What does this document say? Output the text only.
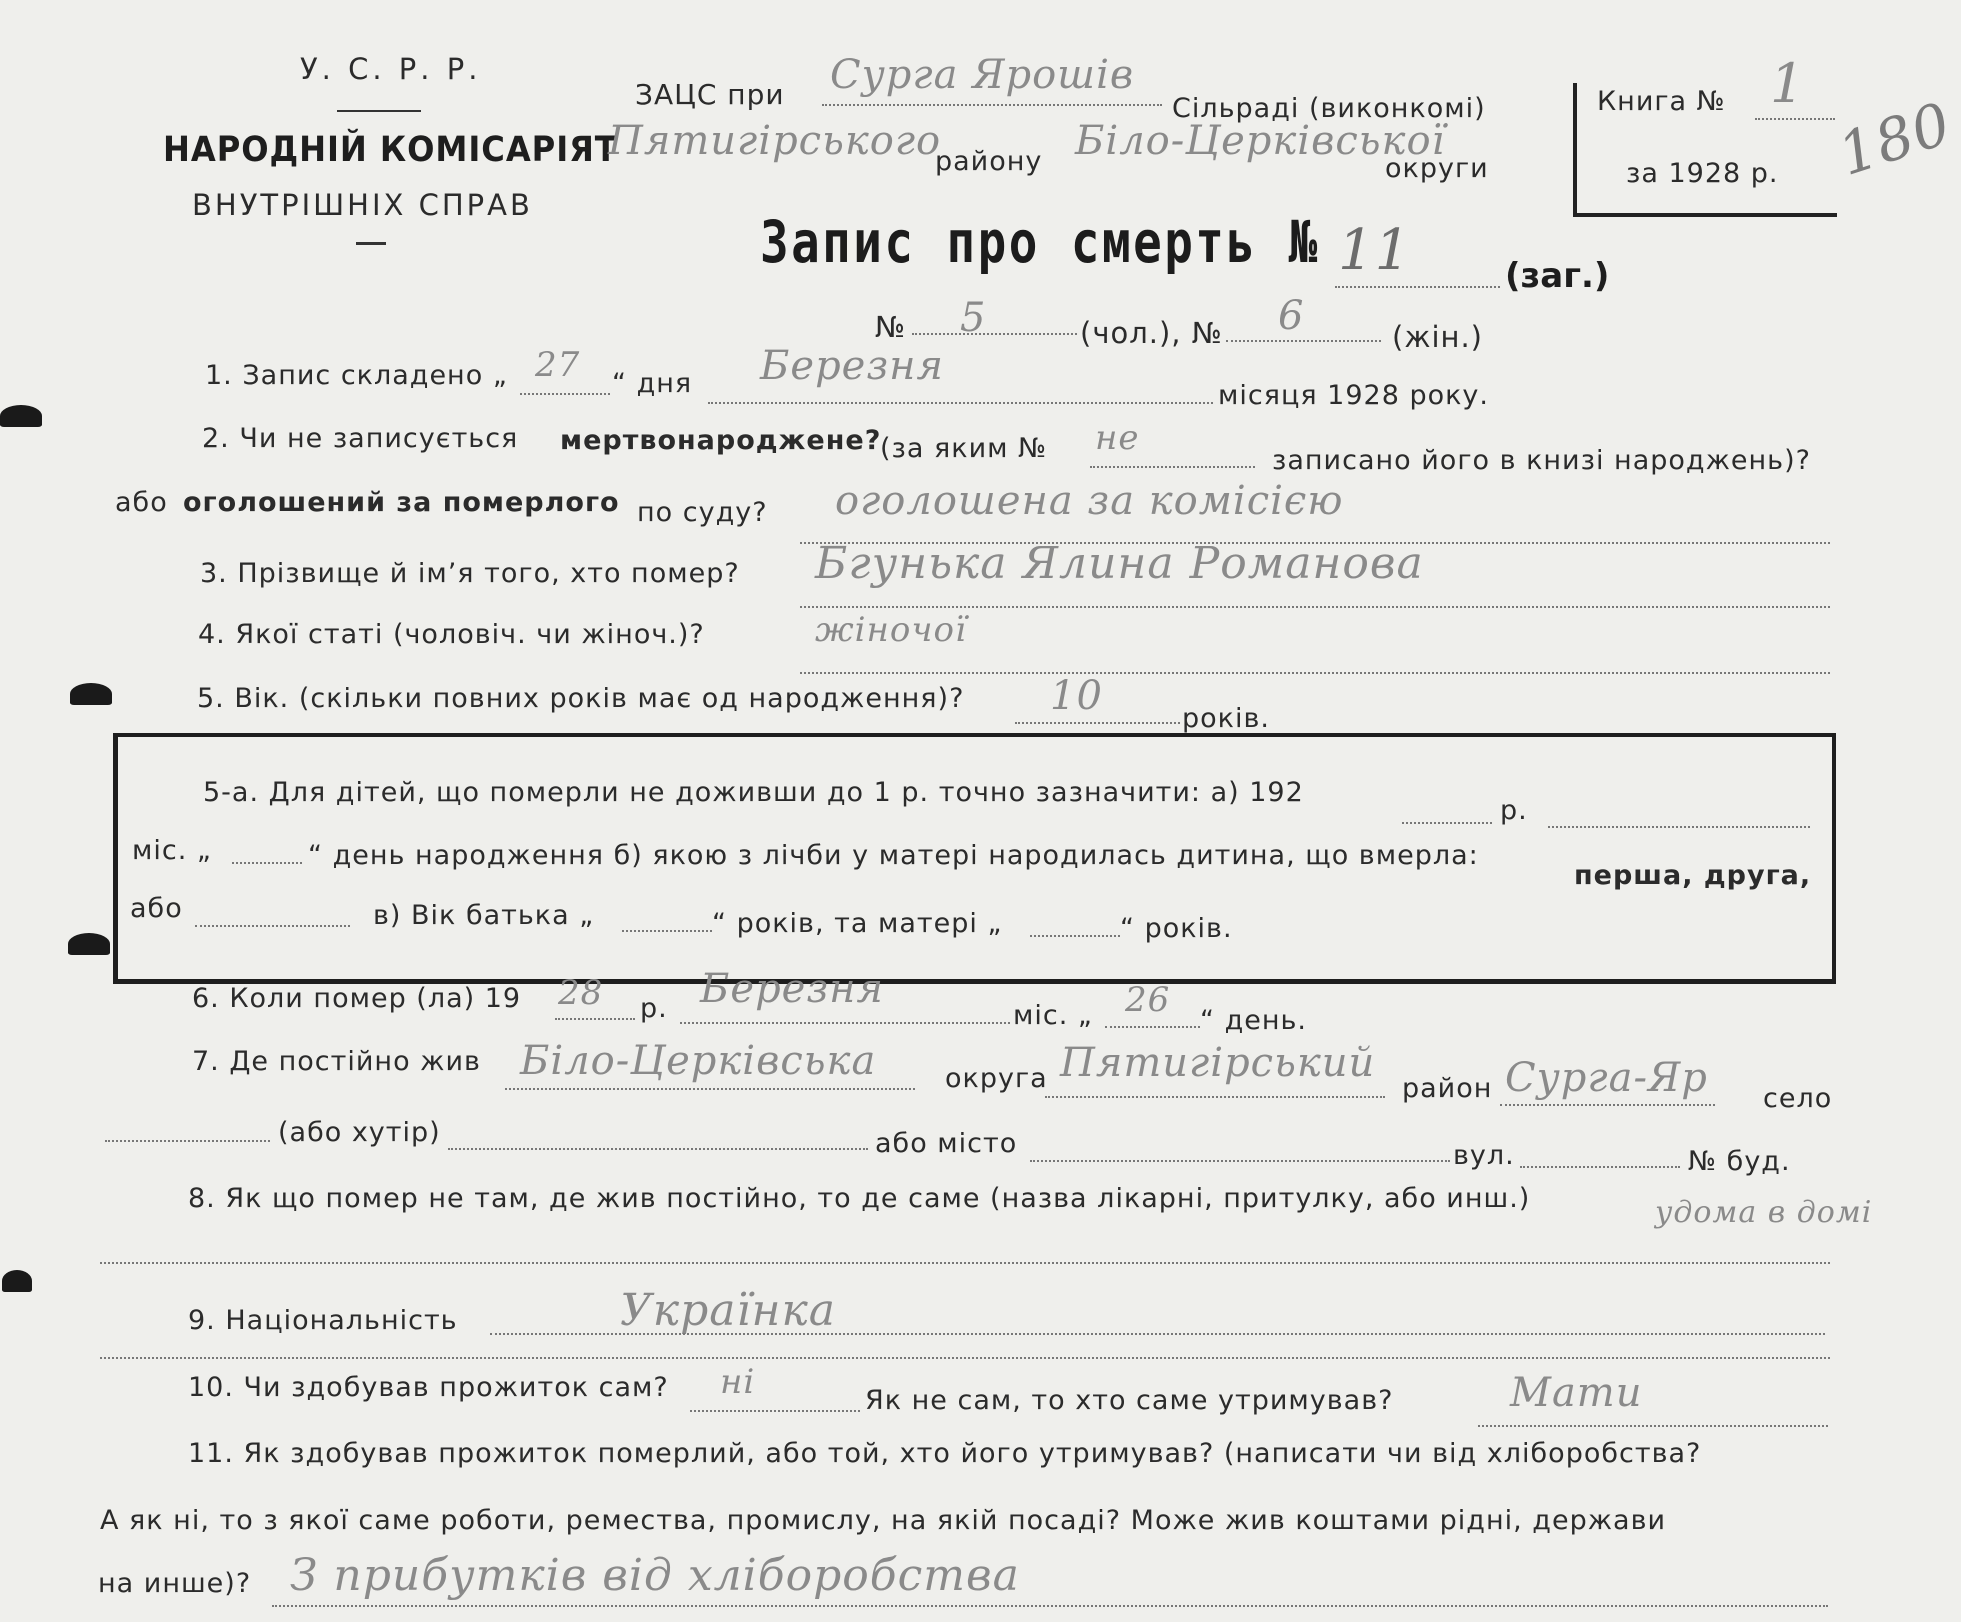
У. С. Р. Р.
НАРОДНІЙ КОМІСАРІЯТ
ВНУТРІШНІХ СПРАВ
ЗАЦС при Сурга Ярошів
Сільраді (виконкомі)
Пятигірського
району Біло-Церківської
округи
Книга № 1
за 1928 р. 180
Запис про смерть № 11	(заг.)
№ 5	(чол.), № 6	(жін.)
1. Запис складено „ 27 “ дня Березня
місяця 1928 року.
2. Чи не записується мертвонароджене?
(за яким № не
записано його в книзі народжень)?
або оголошений за померлого по суду? оголошена за комісією
3. Прізвище й ім’я того, хто помер? Бгунька Ялина Романова
4. Якої статі (чоловіч. чи жіноч.)?	жіночої
5. Вік. (скільки повних років має од народження)? 10	років.
5-а. Для дітей, що померли не доживши до 1 р. точно зазначити: а) 192
р.
міс. „	“ день народження б) якою з лічби у матері народилась дитина, що вмерла:
перша, друга,
або	в) Вік батька „	“ років, та матері „	“ років.
6. Коли помер (ла) 19 28 р. Березня
міс. „ 26
“ день.
7. Де постійно жив Біло-Церківська	округа Пятигірський
район Сурга-Яр село
(або хутір)	або місто	вул.	№ буд.
8. Як що помер не там, де жив постійно, то де саме (назва лікарні, притулку, або инш.)	удома в домі
9. Національність	Українка
10. Чи здобував прожиток сам? ні	Як не сам, то хто саме утримував?	Мати
11. Як здобував прожиток померлий, або той, хто його утримував? (написати чи від хліборобства?
А як ні, то з якої саме роботи, ремества, промислу, на якій посаді? Може жив коштами рідні, держави
на инше)? З прибутків від хліборобства
